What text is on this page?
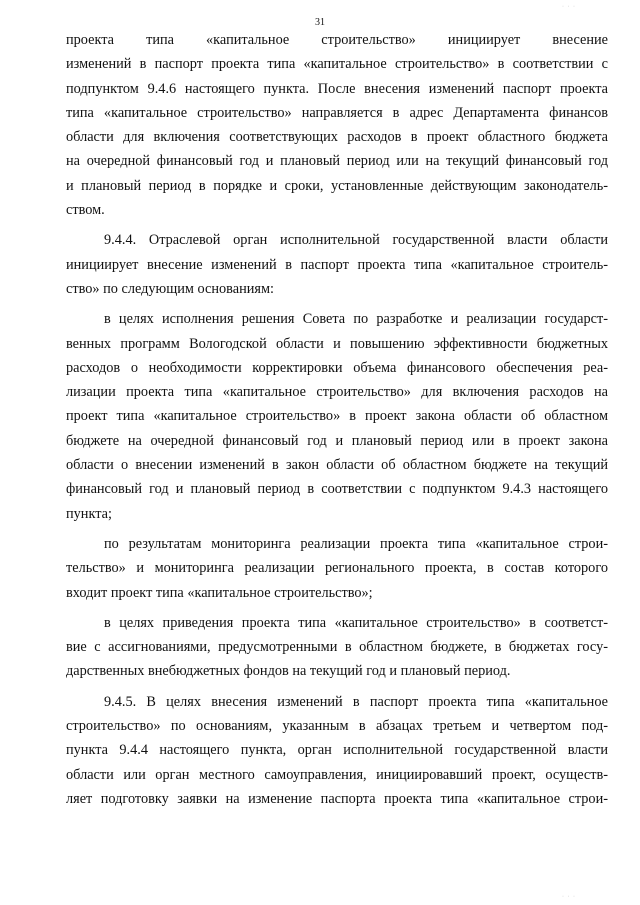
31
· · ·
· · ·
проекта типа «капитальное строительство» инициирует внесение
изменений в паспорт проекта типа «капитальное строительство» в соответствии с
подпунктом 9.4.6 настоящего пункта. После внесения изменений паспорт проекта
типа «капитальное строительство» направляется в адрес Департамента финансов
области для включения соответствующих расходов в проект областного бюджета
на очередной финансовый год и плановый период или на текущий финансовый год
и плановый период в порядке и сроки, установленные действующим законодатель-
ством.
9.4.4. Отраслевой орган исполнительной государственной власти области
инициирует внесение изменений в паспорт проекта типа «капитальное строитель-
ство» по следующим основаниям:
в целях исполнения решения Совета по разработке и реализации государст-
венных программ Вологодской области и повышению эффективности бюджетных
расходов о необходимости корректировки объема финансового обеспечения реа-
лизации проекта типа «капитальное строительство» для включения расходов на
проект типа «капитальное строительство» в проект закона области об областном
бюджете на очередной финансовый год и плановый период или в проект закона
области о внесении изменений в закон области об областном бюджете на текущий
финансовый год и плановый период в соответствии с подпунктом 9.4.3 настоящего
пункта;
по результатам мониторинга реализации проекта типа «капитальное строи-
тельство» и мониторинга реализации регионального проекта, в состав которого
входит проект типа «капитальное строительство»;
в целях приведения проекта типа «капитальное строительство» в соответст-
вие с ассигнованиями, предусмотренными в областном бюджете, в бюджетах госу-
дарственных внебюджетных фондов на текущий год и плановый период.
9.4.5. В целях внесения изменений в паспорт проекта типа «капитальное
строительство» по основаниям, указанным в абзацах третьем и четвертом под-
пункта 9.4.4 настоящего пункта, орган исполнительной государственной власти
области или орган местного самоуправления, инициировавший проект, осуществ-
ляет подготовку заявки на изменение паспорта проекта типа «капитальное строи-
